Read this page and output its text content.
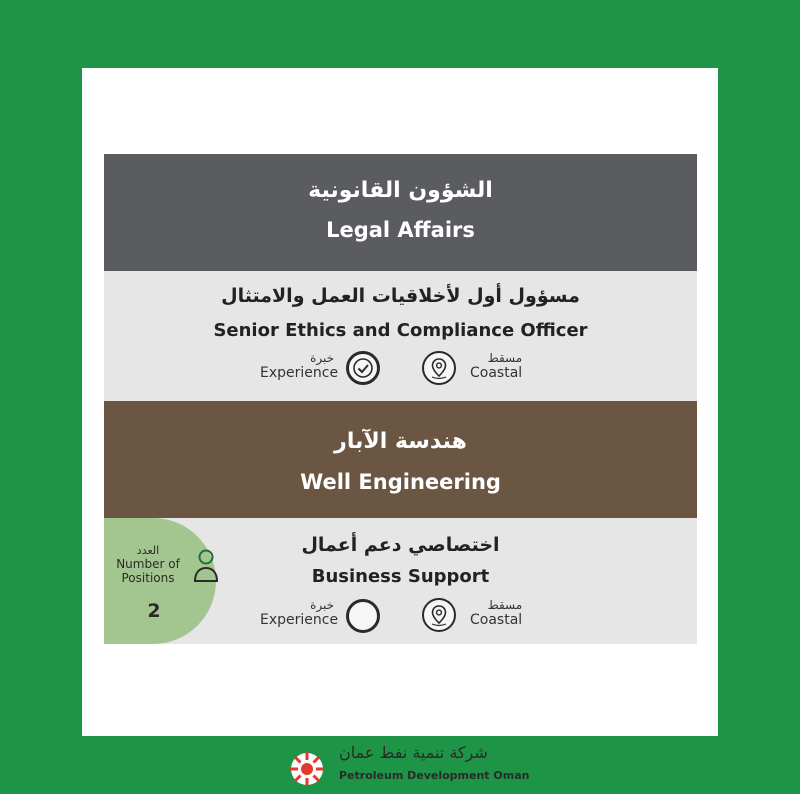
الشؤون القانونية
Legal Affairs
مسؤول أول لأخلاقيات العمل والامتثال
Senior Ethics and Compliance Officer
خبرة
Experience
مسقط
Coastal
هندسة الآبار
Well Engineering
العدد
Number of Positions
2
اختصاصي دعم أعمال
Business Support
خبرة
Experience
مسقط
Coastal
شركة تنمية نفط عمان
Petroleum Development Oman
